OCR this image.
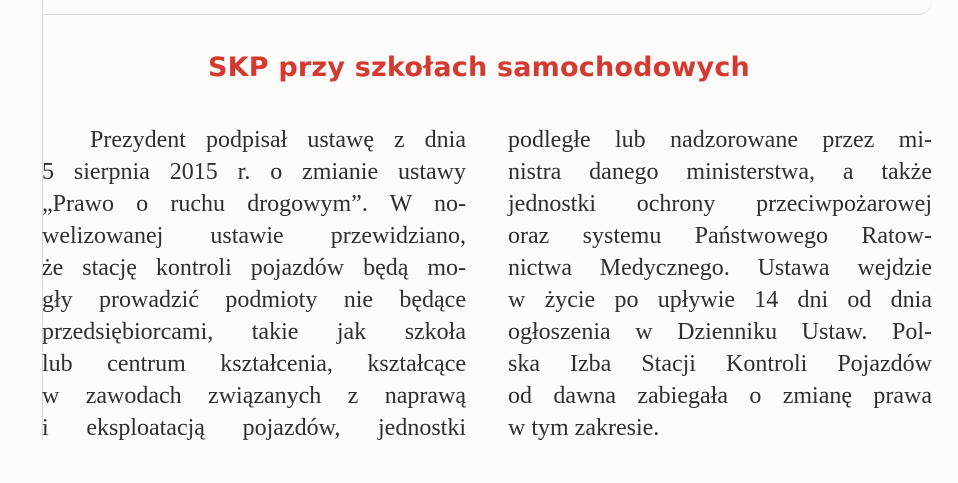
SKP przy szkołach samochodowych
Prezydent podpisał ustawę z dnia
5 sierpnia 2015 r. o zmianie ustawy
„Prawo o ruchu drogowym”. W no-
welizowanej ustawie przewidziano,
że stację kontroli pojazdów będą mo-
gły prowadzić podmioty nie będące
przedsiębiorcami, takie jak szkoła
lub centrum kształcenia, kształcące
w zawodach związanych z naprawą
i eksploatacją pojazdów, jednostki
podległe lub nadzorowane przez mi-
nistra danego ministerstwa, a także
jednostki ochrony przeciwpożarowej
oraz systemu Państwowego Ratow-
nictwa Medycznego. Ustawa wejdzie
w życie po upływie 14 dni od dnia
ogłoszenia w Dzienniku Ustaw. Pol-
ska Izba Stacji Kontroli Pojazdów
od dawna zabiegała o zmianę prawa
w tym zakresie.
